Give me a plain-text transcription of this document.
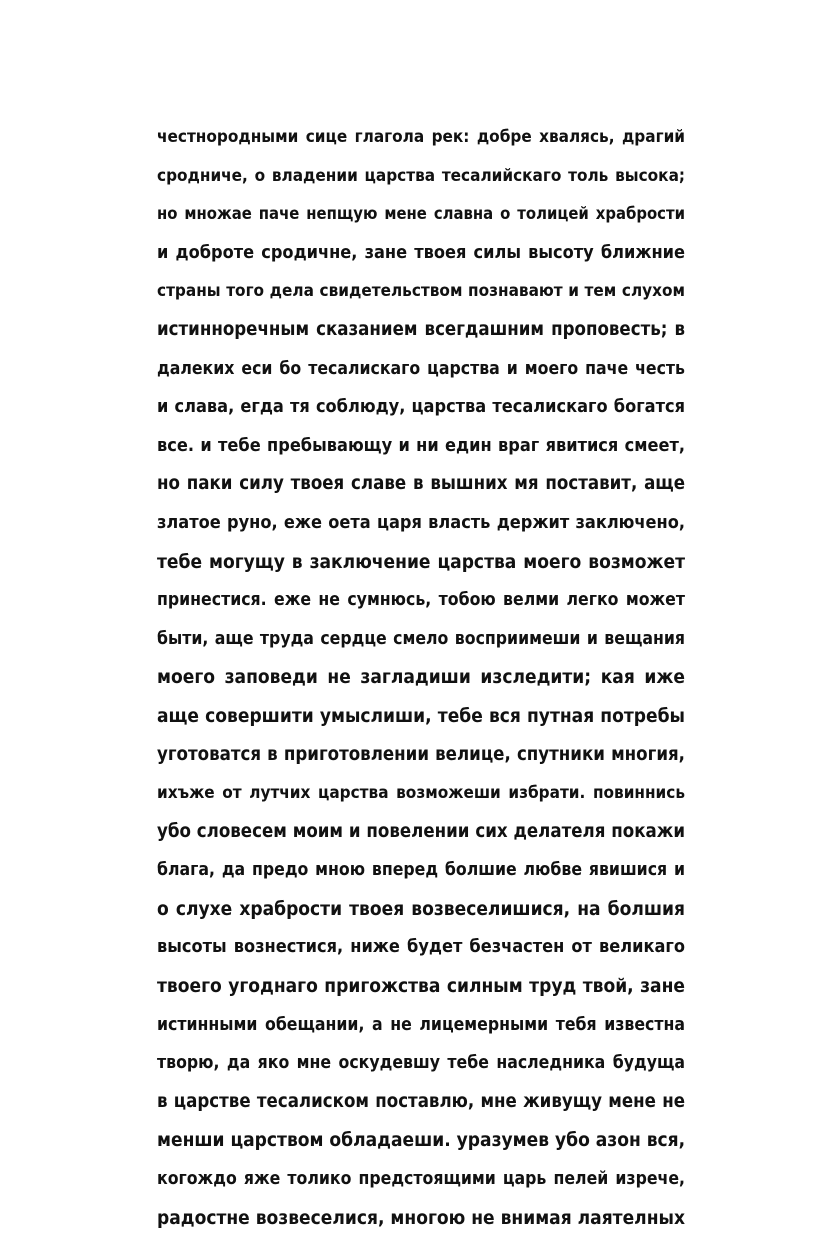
честнородными сице глагола рек: добре хвалясь, драгий
сродниче, о владении царства тесалийскаго толь высока;
но множае паче непщую мене славна о толицей храбрости
и доброте сродичне, зане твоея силы высоту ближние
страны того дела свидетельством познавают и тем слухом
истинноречным сказанием всегдашним проповесть; в
далеких еси бо тесалискаго царства и моего паче честь
и слава, егда тя соблюду, царства тесалискаго богатся
все. и тебе пребывающу и ни един враг явитися смеет,
но паки силу твоея славе в вышних мя поставит, аще
златое руно, еже оета царя власть держит заключено,
тебе могущу в заключение царства моего возможет
принестися. еже не сумнюсь, тобою велми легко может
быти, аще труда сердце смело восприимеши и вещания
моего заповеди не загладиши изследити; кая иже
аще совершити умыслиши, тебе вся путная потребы
уготоватся в приготовлении велице, спутники многия,
ихъже от лутчих царства возможеши избрати. повиннись
убо словесем моим и повелении сих делателя покажи
блага, да предо мною вперед болшие любве явишися и
о слухе храбрости твоея возвеселишися, на болшия
высоты вознестися, ниже будет безчастен от великаго
твоего угоднаго пригожства силным труд твой, зане
истинными обещании, а не лицемерными тебя известна
творю, да яко мне оскудевшу тебе наследника будуща
в царстве тесалиском поставлю, мне живущу мене не
менши царством обладаеши. уразумев убо азон вся,
когождо яже толико предстоящими царь пелей изрече,
радостне возвеселися, многою не внимая лаятелных
